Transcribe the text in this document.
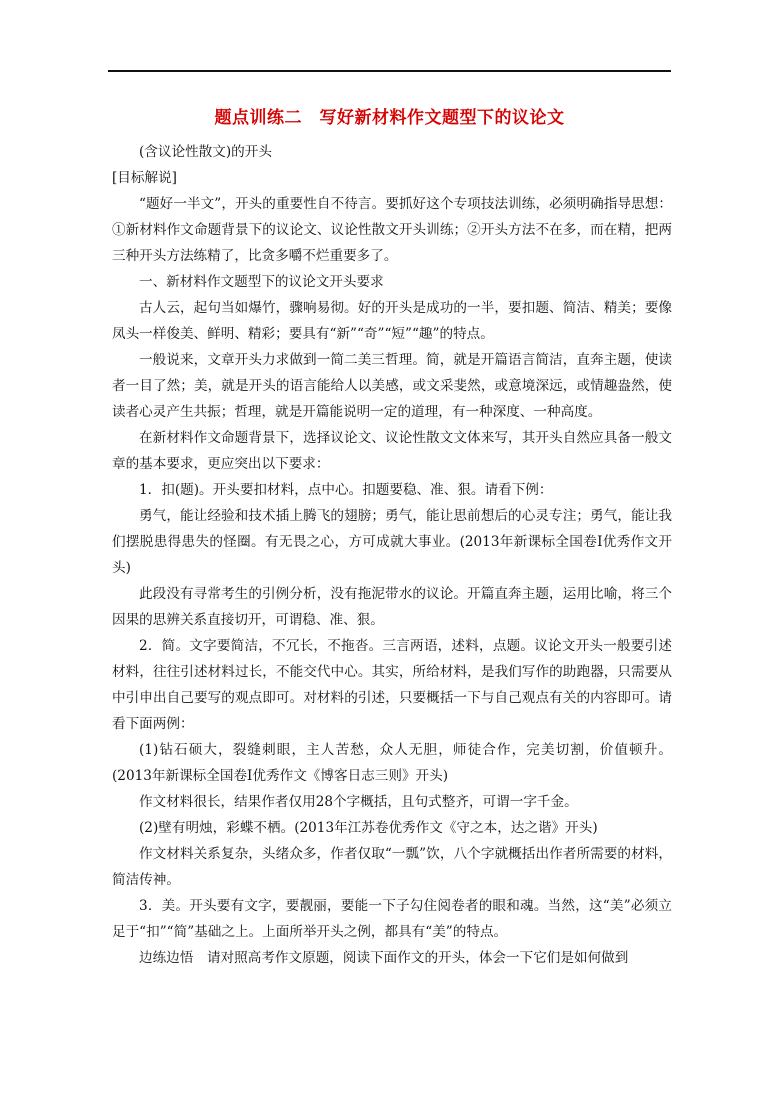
题点训练二　写好新材料作文题型下的议论文

(含议论性散文)的开头

[目标解说]

“题好一半文”，开头的重要性自不待言。要抓好这个专项技法训练，必须明确指导思想：①新材料作文命题背景下的议论文、议论性散文开头训练；②开头方法不在多，而在精，把两三种开头方法练精了，比贪多嚼不烂重要多了。

一、新材料作文题型下的议论文开头要求

古人云，起句当如爆竹，骤响易彻。好的开头是成功的一半，要扣题、简洁、精美；要像凤头一样俊美、鲜明、精彩；要具有“新”“奇”“短”“趣”的特点。

一般说来，文章开头力求做到一简二美三哲理。简，就是开篇语言简洁，直奔主题，使读者一目了然；美，就是开头的语言能给人以美感，或文采斐然，或意境深远，或情趣盎然，使读者心灵产生共振；哲理，就是开篇能说明一定的道理，有一种深度、一种高度。

在新材料作文命题背景下，选择议论文、议论性散文文体来写，其开头自然应具备一般文章的基本要求，更应突出以下要求：

1．扣(题)。开头要扣材料，点中心。扣题要稳、准、狠。请看下例：

勇气，能让经验和技术插上腾飞的翅膀；勇气，能让思前想后的心灵专注；勇气，能让我们摆脱患得患失的怪圈。有无畏之心，方可成就大事业。(2013年新课标全国卷Ⅰ优秀作文开头)

此段没有寻常考生的引例分析，没有拖泥带水的议论。开篇直奔主题，运用比喻，将三个因果的思辨关系直接切开，可谓稳、准、狠。

2．简。文字要简洁，不冗长，不拖沓。三言两语，述料，点题。议论文开头一般要引述材料，往往引述材料过长，不能交代中心。其实，所给材料，是我们写作的助跑器，只需要从中引申出自己要写的观点即可。对材料的引述，只要概括一下与自己观点有关的内容即可。请看下面两例：

(1)钻石硕大，裂缝刺眼，主人苦愁，众人无胆，师徒合作，完美切割，价值顿升。(2013年新课标全国卷Ⅰ优秀作文《博客日志三则》开头)

作文材料很长，结果作者仅用28个字概括，且句式整齐，可谓一字千金。

(2)壁有明烛，彩蝶不栖。(2013年江苏卷优秀作文《守之本，达之谐》开头)

作文材料关系复杂，头绪众多，作者仅取“一瓢”饮，八个字就概括出作者所需要的材料，简洁传神。

3．美。开头要有文字，要靓丽，要能一下子勾住阅卷者的眼和魂。当然，这“美”必须立足于“扣”“简”基础之上。上面所举开头之例，都具有“美”的特点。

边练边悟　请对照高考作文原题，阅读下面作文的开头，体会一下它们是如何做到
